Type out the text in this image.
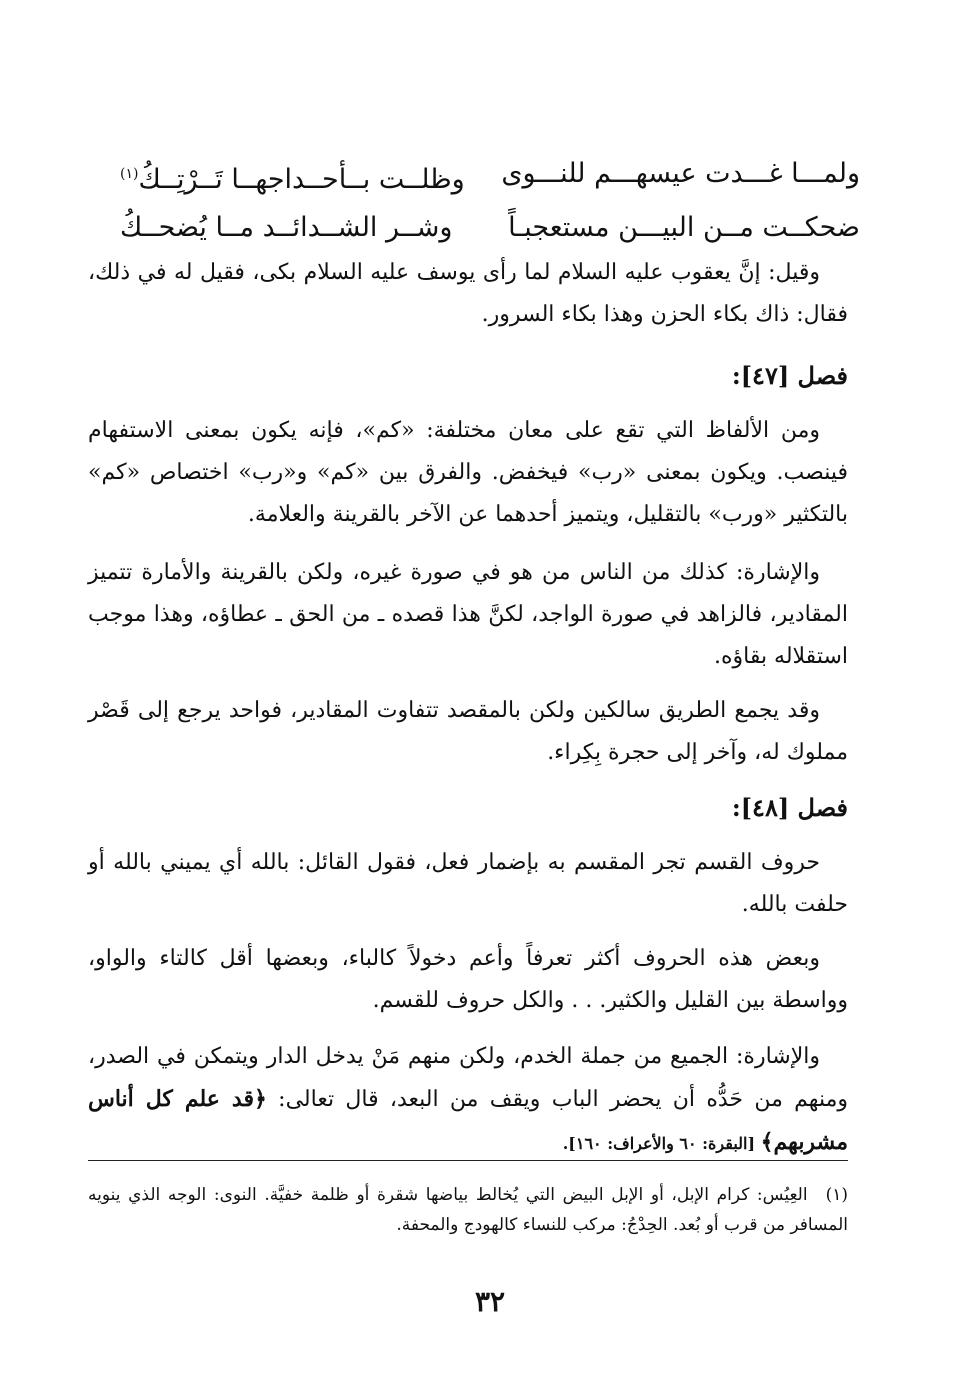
ولمـــا غـــدت عيسهـــم للنـــوى
وظلــت بــأحــداجهــا تَــرْتِــكُ$^{(١)}$
ضحكــت مــن البيـــن مستعجبـاً
وشــر الشــدائــد مــا يُضحــكُ

وقيل: إنَّ يعقوب عليه السلام لما رأى يوسف عليه السلام بكى، فقيل له في ذلك، فقال: ذاك بكاء الحزن وهذا بكاء السرور.

فصل [٤٧]:

ومن الألفاظ التي تقع على معان مختلفة: «كم»، فإنه يكون بمعنى الاستفهام فينصب. ويكون بمعنى «رب» فيخفض. والفرق بين «كم» و«رب» اختصاص «كم» بالتكثير «ورب» بالتقليل، ويتميز أحدهما عن الآخر بالقرينة والعلامة.

والإشارة: كذلك من الناس من هو في صورة غيره، ولكن بالقرينة والأمارة تتميز المقادير، فالزاهد في صورة الواجد، لكنَّ هذا قصده ـ من الحق ـ عطاؤه، وهذا موجب استقلاله بقاؤه.

وقد يجمع الطريق سالكين ولكن بالمقصد تتفاوت المقادير، فواحد يرجع إلى قَصْر مملوك له، وآخر إلى حجرة بِكِراء.

فصل [٤٨]:

حروف القسم تجر المقسم به بإضمار فعل، فقول القائل: بالله أي يميني بالله أو حلفت بالله.

وبعض هذه الحروف أكثر تعرفاً وأعم دخولاً كالباء، وبعضها أقل كالتاء والواو، وواسطة بين القليل والكثير. . . والكل حروف للقسم.

والإشارة: الجميع من جملة الخدم، ولكن منهم مَنْ يدخل الدار ويتمكن في الصدر، ومنهم من حَدُّه أن يحضر الباب ويقف من البعد، قال تعالى: ﴿قد علم كل أناس مشربهم﴾ [البقرة: ٦٠ والأعراف: ١٦٠].

(١)
العِيُس: كرام الإبل، أو الإبل البيض التي يُخالط بياضها شقرة أو ظلمة خفيَّة. النوى: الوجه الذي ينويه المسافر من قرب أو بُعد. الحِدْجُ: مركب للنساء كالهودج والمحفة.
٣٢
